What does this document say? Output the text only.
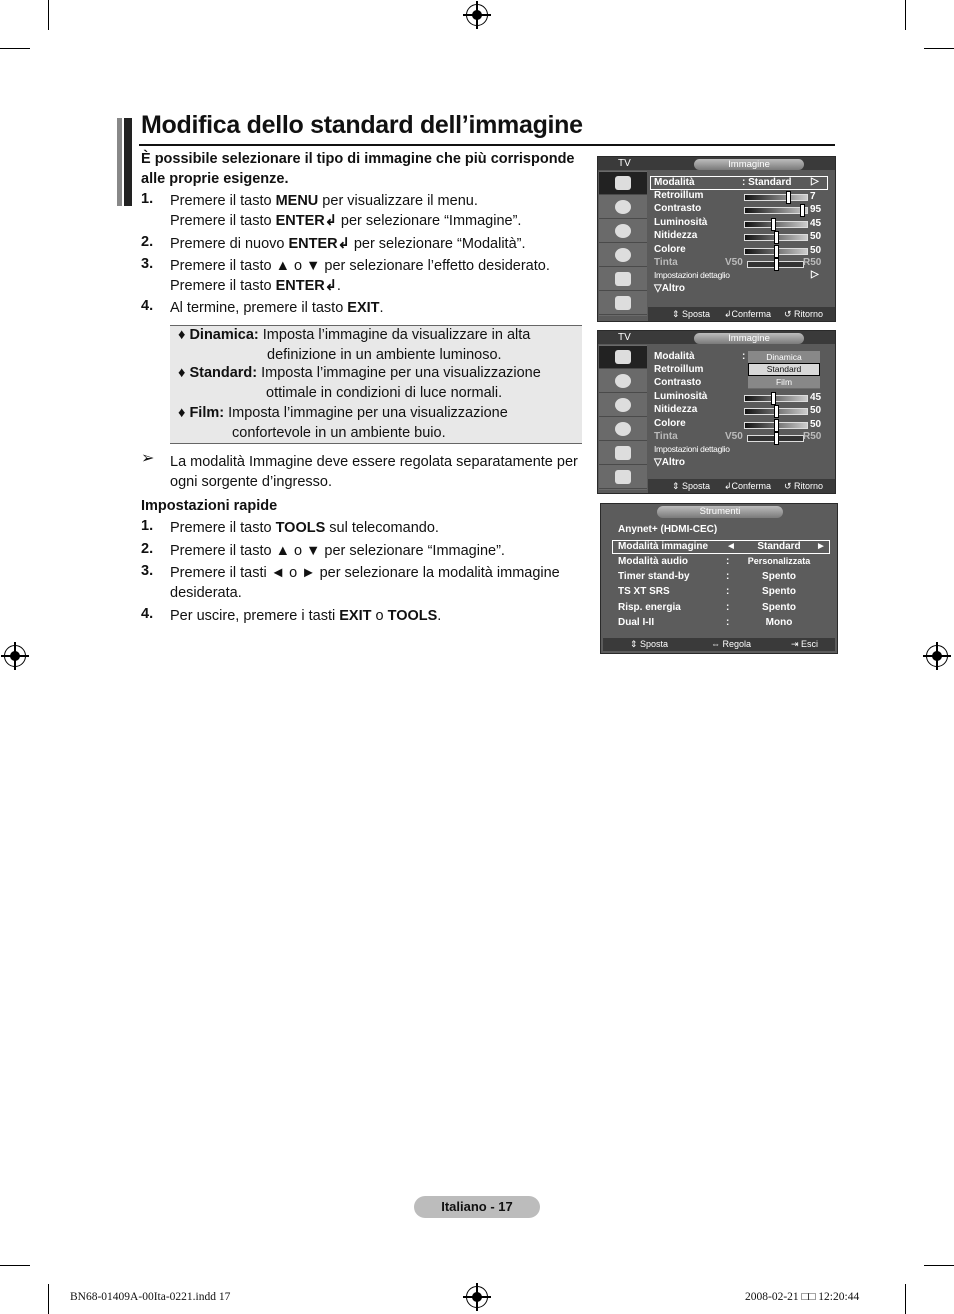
Modifica dello standard dell’immagine
È possibile selezionare il tipo di immagine che più corrisponde
alle proprie esigenze.
1. Premere il tasto MENU per visualizzare il menu.
Premere il tasto ENTER↲ per selezionare “Immagine”.
2. Premere di nuovo ENTER↲ per selezionare “Modalità”.
3. Premere il tasto ▲ o ▼ per selezionare l’effetto desiderato.
Premere il tasto ENTER↲.
4. Al termine, premere il tasto EXIT.
♦ Dinamica: Imposta l’immagine da visualizzare in alta
definizione in un ambiente luminoso.
♦ Standard: Imposta l’immagine per una visualizzazione
ottimale in condizioni di luce normali.
♦ Film: Imposta l’immagine per una visualizzazione
confortevole in un ambiente buio.
➢ La modalità Immagine deve essere regolata separatamente per
ogni sorgente d’ingresso.
Impostazioni rapide
1. Premere il tasto TOOLS sul telecomando.
2. Premere il tasto ▲ o ▼ per selezionare “Immagine”.
3. Premere il tasti ◄ o ► per selezionare la modalità immagine
desiderata.
4. Per uscire, premere i tasti EXIT o TOOLS.
TV	Immagine
Modalità	: Standard ▷
Retroillum	7
Contrasto	95
Luminosità	45
Nitidezza	50
Colore	50
Tinta	V50	R50
Impostazioni dettaglio	▷
▽Altro
⇕ Sposta ↲Conferma ↺ Ritorno
TV	Immagine
Modalità	:
Retroillum
Contrasto
Luminosità	45
Nitidezza	50
Colore	50
Tinta	V50	R50
Impostazioni dettaglio
▽Altro
Dinamica
Standard
Film
⇕ Sposta ↲Conferma ↺ Ritorno
Strumenti
Anynet+ (HDMI-CEC)
Modalità immagine ◄	Standard	►
Modalità audio	:	Personalizzata
Timer stand-by	:	Spento
TS XT SRS	:	Spento
Risp. energia	:	Spento
Dual I-II	:	Mono
⇕ Sposta	⇔ Regola	⇥ Esci
Italiano - 17
BN68-01409A-00Ita-0221.indd 17	2008-02-21 □□ 12:20:44
